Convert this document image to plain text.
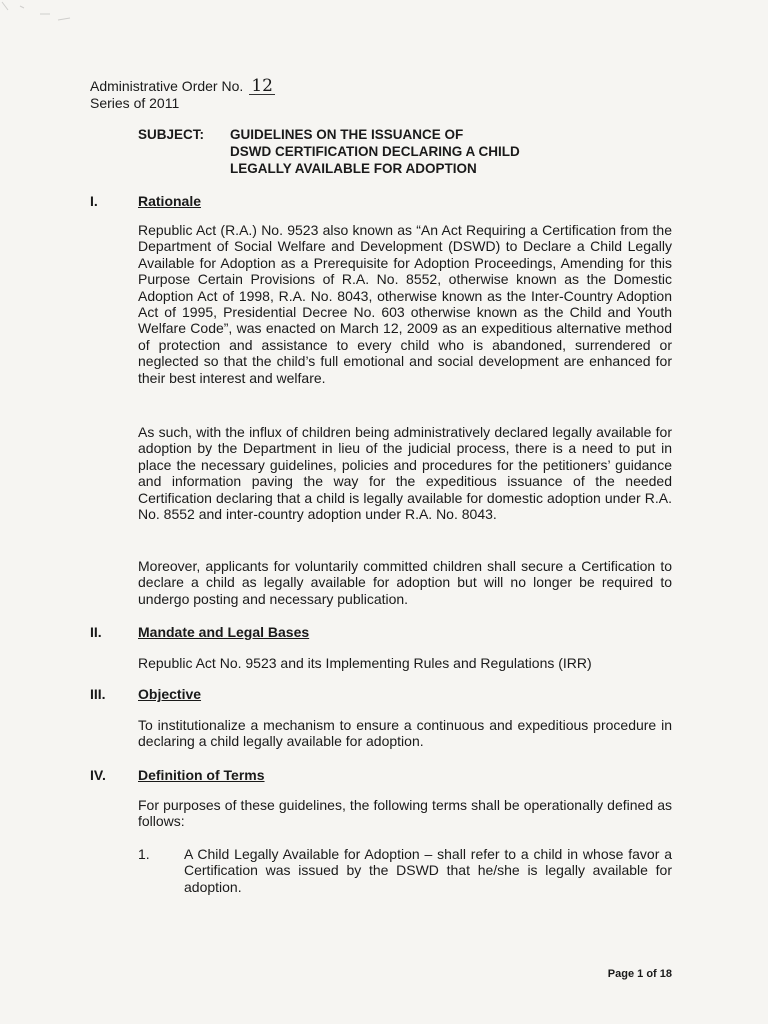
Administrative Order No. 12
Series of 2011
SUBJECT: GUIDELINES ON THE ISSUANCE OF
DSWD CERTIFICATION DECLARING A CHILD
LEGALLY AVAILABLE FOR ADOPTION
I.	Rationale
Republic Act (R.A.) No. 9523 also known as “An Act Requiring a Certification from the Department of Social Welfare and Development (DSWD) to Declare a Child Legally Available for Adoption as a Prerequisite for Adoption Proceedings, Amending for this Purpose Certain Provisions of R.A. No. 8552, otherwise known as the Domestic Adoption Act of 1998, R.A. No. 8043, otherwise known as the Inter-Country Adoption Act of 1995, Presidential Decree No. 603 otherwise known as the Child and Youth Welfare Code”, was enacted on March 12, 2009 as an expeditious alternative method of protection and assistance to every child who is abandoned, surrendered or neglected so that the child’s full emotional and social development are enhanced for their best interest and welfare.
As such, with the influx of children being administratively declared legally available for adoption by the Department in lieu of the judicial process, there is a need to put in place the necessary guidelines, policies and procedures for the petitioners’ guidance and information paving the way for the expeditious issuance of the needed Certification declaring that a child is legally available for domestic adoption under R.A. No. 8552 and inter-country adoption under R.A. No. 8043.
Moreover, applicants for voluntarily committed children shall secure a Certification to declare a child as legally available for adoption but will no longer be required to undergo posting and necessary publication.
II.	Mandate and Legal Bases
Republic Act No. 9523 and its Implementing Rules and Regulations (IRR)
III. Objective
To institutionalize a mechanism to ensure a continuous and expeditious procedure in declaring a child legally available for adoption.
IV. Definition of Terms
For purposes of these guidelines, the following terms shall be operationally defined as follows:
1. A Child Legally Available for Adoption – shall refer to a child in whose favor a Certification was issued by the DSWD that he/she is legally available for adoption.
Page 1 of 18
